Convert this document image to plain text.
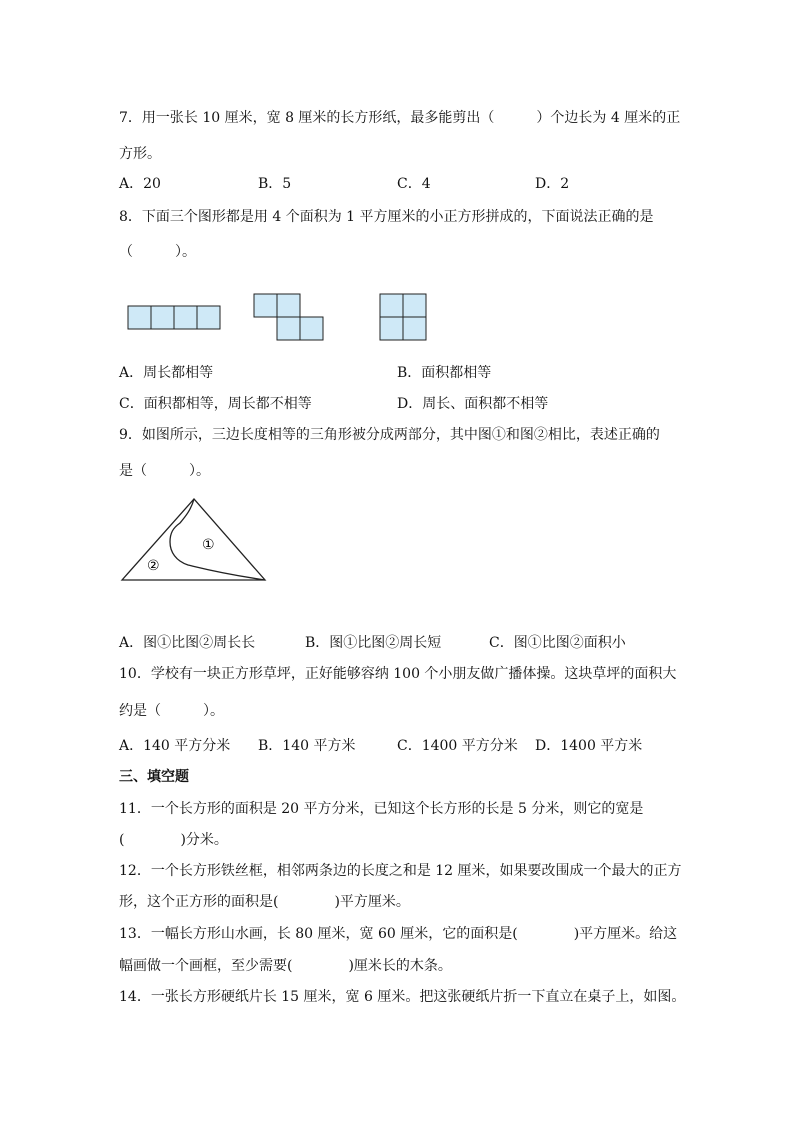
7．用一张长 10 厘米，宽 8 厘米的长方形纸，最多能剪出（　　　）个边长为 4 厘米的正
方形。
A．20	B．5	C．4	D．2
8．下面三个图形都是用 4 个面积为 1 平方厘米的小正方形拼成的，下面说法正确的是
（　　　）。
A．周长都相等	B．面积都相等
C．面积都相等，周长都不相等	D．周长、面积都不相等
9．如图所示，三边长度相等的三角形被分成两部分，其中图①和图②相比，表述正确的
是（　　　）。
①
②
A．图①比图②周长长	B．图①比图②周长短	C．图①比图②面积小
10．学校有一块正方形草坪，正好能够容纳 100 个小朋友做广播体操。这块草坪的面积大
约是（　　　）。
A．140 平方分米 B．140 平方米	C．1400 平方分米 D．1400 平方米
三、填空题
11．一个长方形的面积是 20 平方分米，已知这个长方形的长是 5 分米，则它的宽是
(　　　　)分米。
12．一个长方形铁丝框，相邻两条边的长度之和是 12 厘米，如果要改围成一个最大的正方
形，这个正方形的面积是(　　　　)平方厘米。
13．一幅长方形山水画，长 80 厘米，宽 60 厘米，它的面积是(　　　　)平方厘米。给这
幅画做一个画框，至少需要(　　　　)厘米长的木条。
14．一张长方形硬纸片长 15 厘米，宽 6 厘米。把这张硬纸片折一下直立在桌子上，如图。
